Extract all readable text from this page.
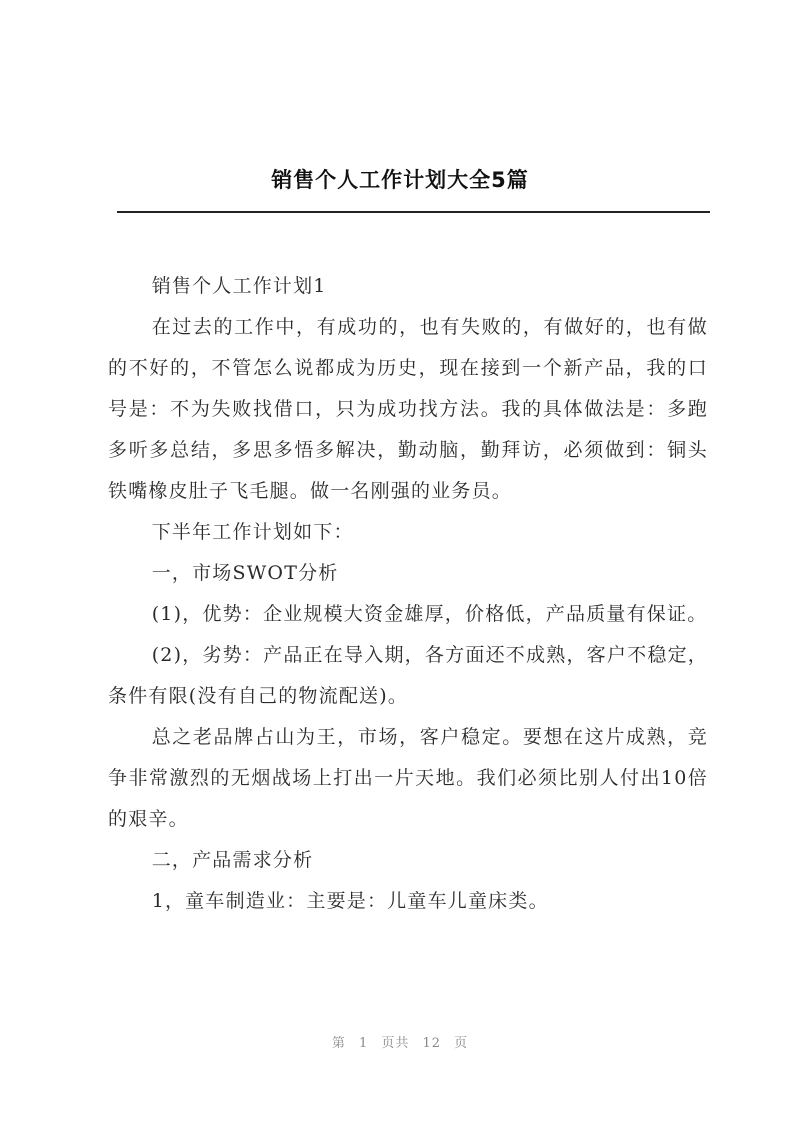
销售个人工作计划大全5篇

销售个人工作计划1

在过去的工作中，有成功的，也有失败的，有做好的，也有做的不好的，不管怎么说都成为历史，现在接到一个新产品，我的口号是：不为失败找借口，只为成功找方法。我的具体做法是：多跑多听多总结，多思多悟多解决，勤动脑，勤拜访，必须做到：铜头铁嘴橡皮肚子飞毛腿。做一名刚强的业务员。

下半年工作计划如下：

一，市场SWOT分析

(1)，优势：企业规模大资金雄厚，价格低，产品质量有保证。

(2)，劣势：产品正在导入期，各方面还不成熟，客户不稳定，条件有限(没有自己的物流配送)。

总之老品牌占山为王，市场，客户稳定。要想在这片成熟，竞争非常激烈的无烟战场上打出一片天地。我们必须比别人付出10倍的艰辛。

二，产品需求分析

1，童车制造业：主要是：儿童车儿童床类。

第 1 页共 12 页
